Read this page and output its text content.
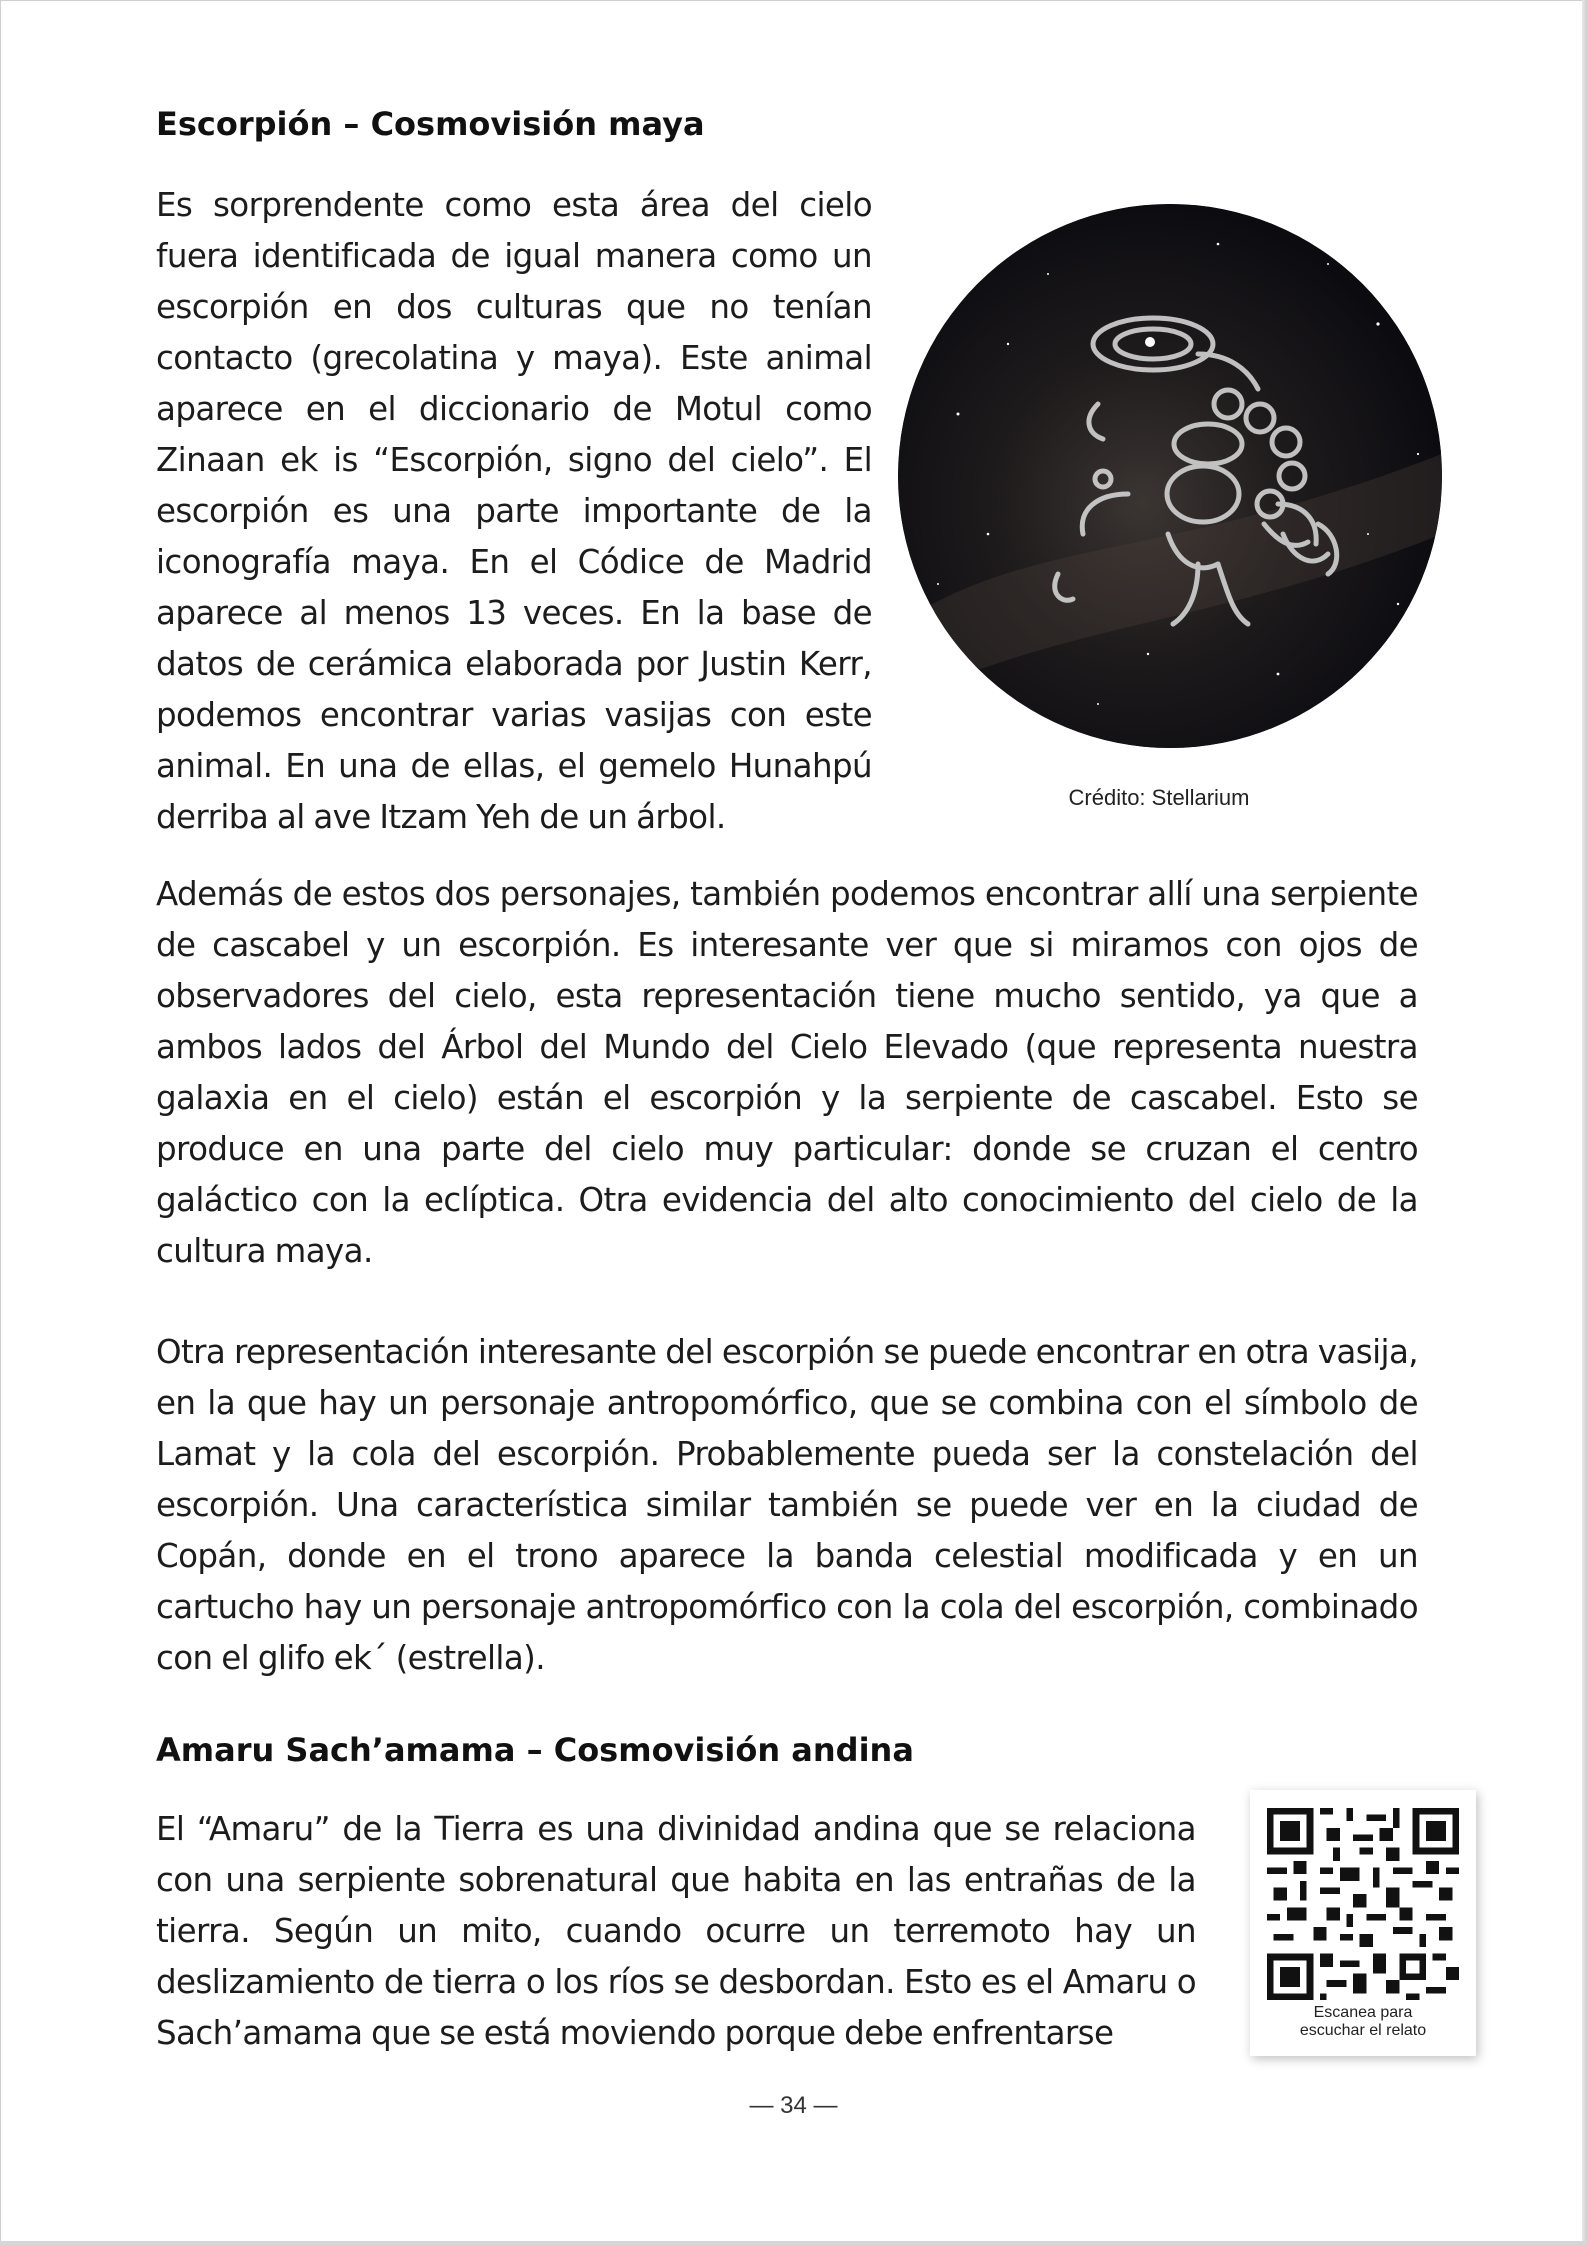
Escorpión – Cosmovisión maya
Crédito: Stellarium

Es sorprendente como esta área del cielo fuera identificada de igual manera como un escorpión en dos culturas que no tenían contacto (grecolatina y maya). Este animal aparece en el diccionario de Motul como Zinaan ek is “Escorpión, signo del cielo”. El escorpión es una parte importante de la iconografía maya. En el Códice de Madrid aparece al menos 13 veces. En la base de datos de cerámica elaborada por Justin Kerr, podemos encontrar varias vasijas con este animal. En una de ellas, el gemelo Hunahpú derriba al ave Itzam Yeh de un árbol.

Además de estos dos personajes, también podemos encontrar allí una serpiente de cascabel y un escorpión. Es interesante ver que si miramos con ojos de observadores del cielo, esta representación tiene mucho sentido, ya que a ambos lados del Árbol del Mundo del Cielo Elevado (que representa nuestra galaxia en el cielo) están el escorpión y la serpiente de cascabel. Esto se produce en una parte del cielo muy particular: donde se cruzan el centro galáctico con la eclíptica. Otra evidencia del alto conocimiento del cielo de la cultura maya.

Otra representación interesante del escorpión se puede encontrar en otra vasija, en la que hay un personaje antropomórfico, que se combina con el símbolo de Lamat y la cola del escorpión. Probablemente pueda ser la constelación del escorpión. Una característica similar también se puede ver en la ciudad de Copán, donde en el trono aparece la banda celestial modificada y en un cartucho hay un personaje antropomórfico con la cola del escorpión, combinado con el glifo ek´ (estrella).

Amaru Sach’amama – Cosmovisión andina

El “Amaru” de la Tierra es una divinidad andina que se relaciona con una serpiente sobrenatural que habita en las entrañas de la tierra. Según un mito, cuando ocurre un terremoto hay un deslizamiento de tierra o los ríos se desbordan. Esto es el Amaru o Sach’amama que se está moviendo porque debe enfrentarse

Escanea para
escuchar el relato
— 34 —
